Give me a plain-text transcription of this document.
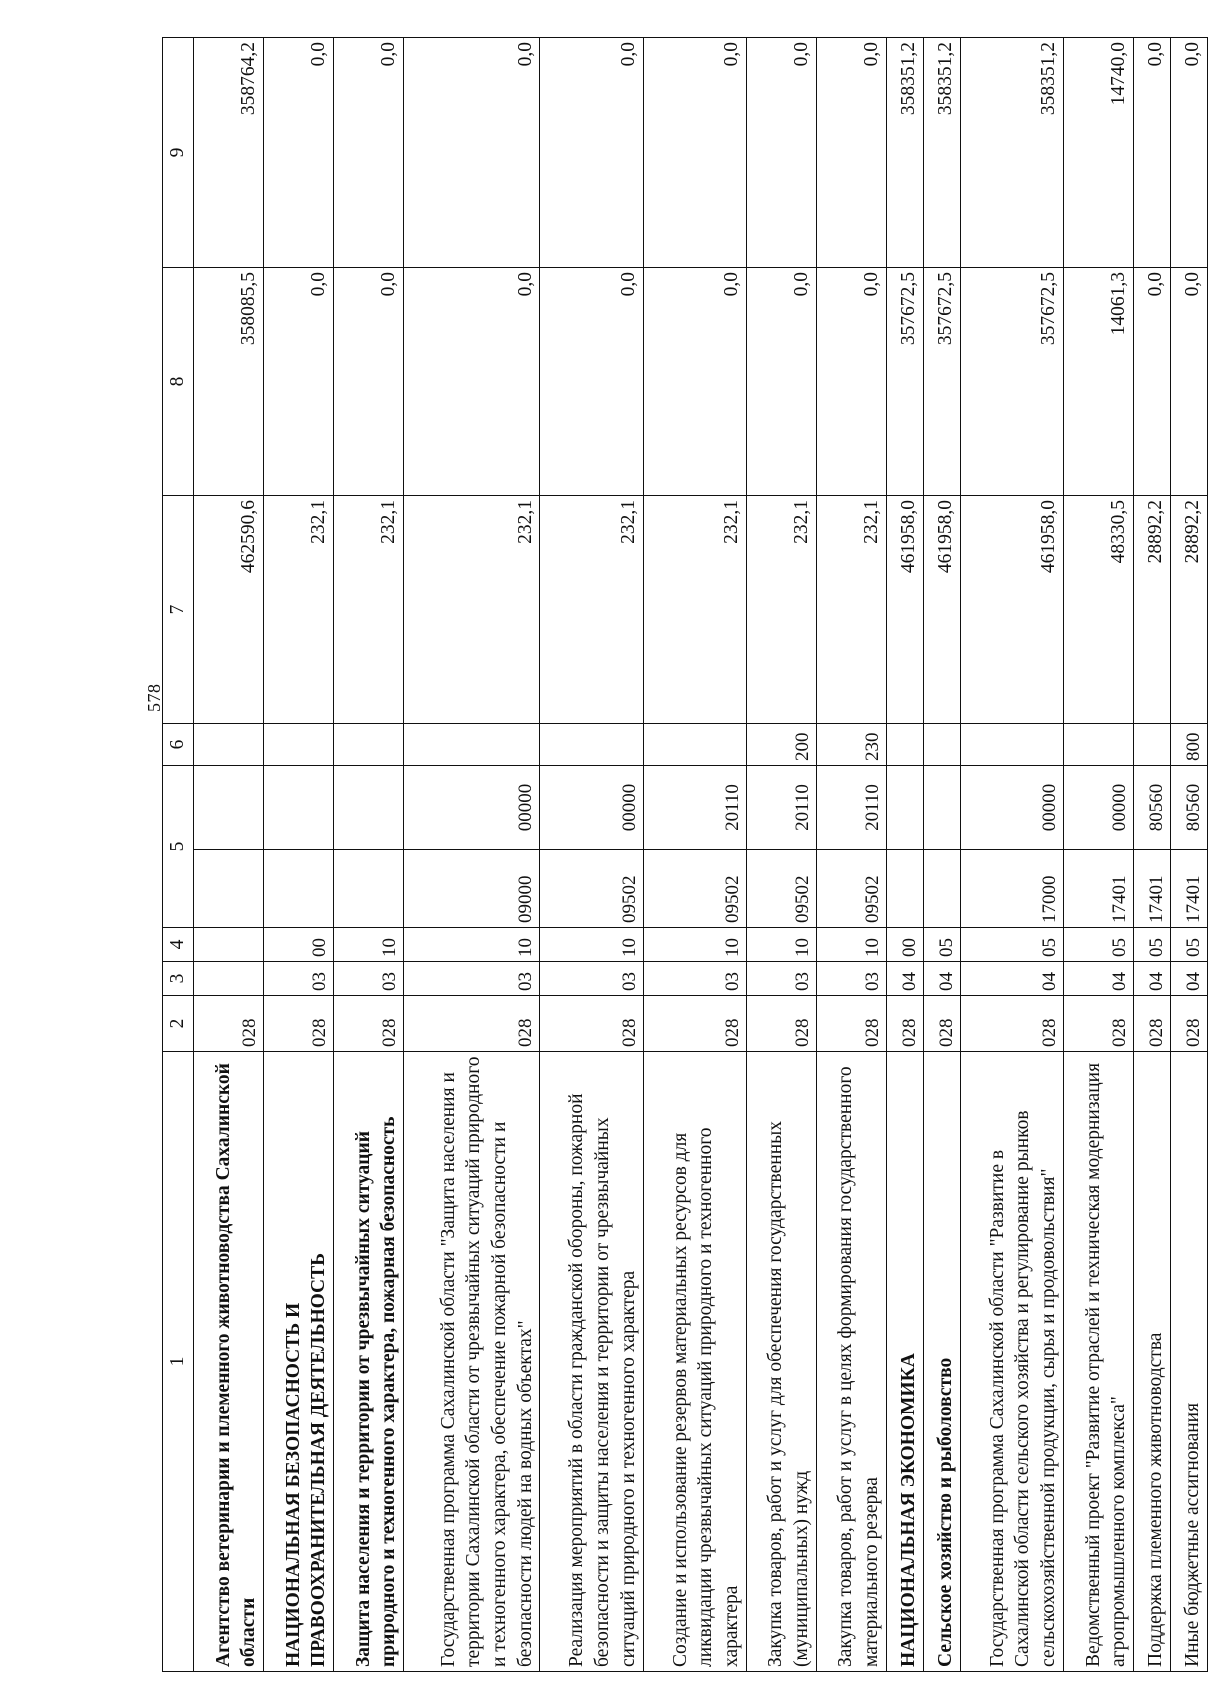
578
1	2	3	4	5		6	7	8	9
Агентство ветеринарии и племенного животноводства Сахалинской области	028						462590,6	358085,5	358764,2
НАЦИОНАЛЬНАЯ БЕЗОПАСНОСТЬ И ПРАВООХРАНИТЕЛЬНАЯ ДЕЯТЕЛЬНОСТЬ	028	03	00				232,1	0,0	0,0
Защита населения и территории от чрезвычайных ситуаций природного и техногенного характера, пожарная безопасность	028	03	10				232,1	0,0	0,0
Государственная программа Сахалинской области "Защита населения и территории Сахалинской области от чрезвычайных ситуаций природного и техногенного характера, обеспечение пожарной безопасности и безопасности людей на водных объектах"	028	03	10	09000	00000		232,1	0,0	0,0
Реализация мероприятий в области гражданской обороны, пожарной безопасности и защиты населения и территории от чрезвычайных ситуаций природного и техногенного характера	028	03	10	09502	00000		232,1	0,0	0,0
Создание и использование резервов материальных ресурсов для ликвидации чрезвычайных ситуаций природного и техногенного характера	028	03	10	09502	20110		232,1	0,0	0,0
Закупка товаров, работ и услуг для обеспечения государственных (муниципальных) нужд	028	03	10	09502	20110	200	232,1	0,0	0,0
Закупка товаров, работ и услуг в целях формирования государственного материального резерва	028	03	10	09502	20110	230	232,1	0,0	0,0
НАЦИОНАЛЬНАЯ ЭКОНОМИКА	028	04	00				461958,0	357672,5	358351,2
Сельское хозяйство и рыболовство	028	04	05				461958,0	357672,5	358351,2
Государственная программа Сахалинской области "Развитие в Сахалинской области сельского хозяйства и регулирование рынков сельскохозяйственной продукции, сырья и продовольствия"	028	04	05	17000	00000		461958,0	357672,5	358351,2
Ведомственный проект "Развитие отраслей и техническая модернизация агропромышленного комплекса"	028	04	05	17401	00000		48330,5	14061,3	14740,0
Поддержка племенного животноводства	028	04	05	17401	80560		28892,2	0,0	0,0
Иные бюджетные ассигнования	028	04	05	17401	80560	800	28892,2	0,0	0,0
